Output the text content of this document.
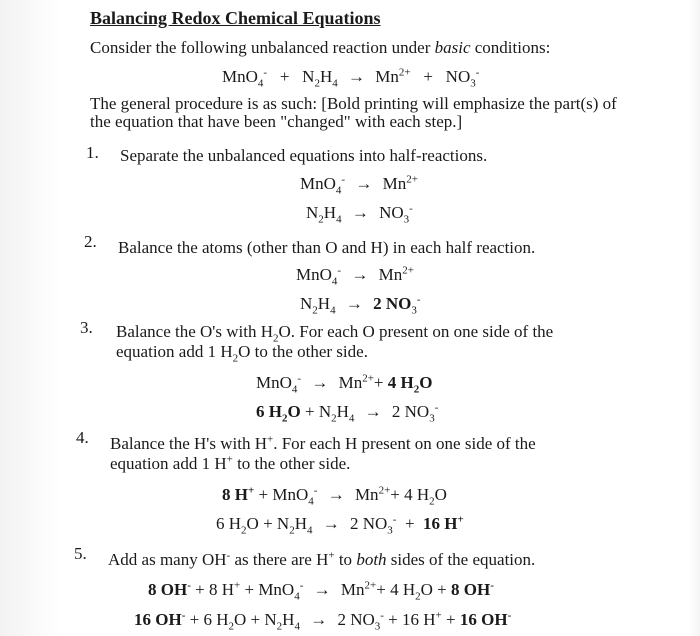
Balancing Redox Chemical Equations
Consider the following unbalanced reaction under basic conditions:
$MnO_4^- + N_2H_4 \to Mn^{2+} + NO_3^-$
The general procedure is as such: [Bold printing will emphasize the part(s) of
the equation that have been "changed" with each step.]
1. Separate the unbalanced equations into half-reactions.
$MnO_4^- \to Mn^{2+}$
$N_2H_4 \to NO_3^-$
2. Balance the atoms (other than O and H) in each half reaction.
$MnO_4^- \to Mn^{2+}$
$N_2H_4 \to 2$ $NO_3^-$
3. Balance the O's with $H_2O$. For each O present on one side of the
equation add 1 $H_2O$ to the other side.
$MnO_4^- \to Mn^{2+}+ 4$ $H_2O$
6 $H_2O + N_2H_4 \to 2$ $NO_3^-$
4. Balance the H's with H+. For each H present on one side of the
equation add 1 H+ to the other side.
8 $H^+ + MnO_4^- \to Mn^{2+}+ 4$ $H_2O$
6 $H_2O + N_2H_4 \to 2$ $NO_3^- + 16$ H+
5. Add as many OH- as there are H+ to both sides of the equation.
8 OH- + 8 $H^+ + MnO_4^- \to Mn^{2+}+ 4$ $H_2O + 8$ OH-
16 OH- + 6 $H_2O + N_2H_4 \to 2$ $NO_3^- + 16$ H+ + 16 OH-
